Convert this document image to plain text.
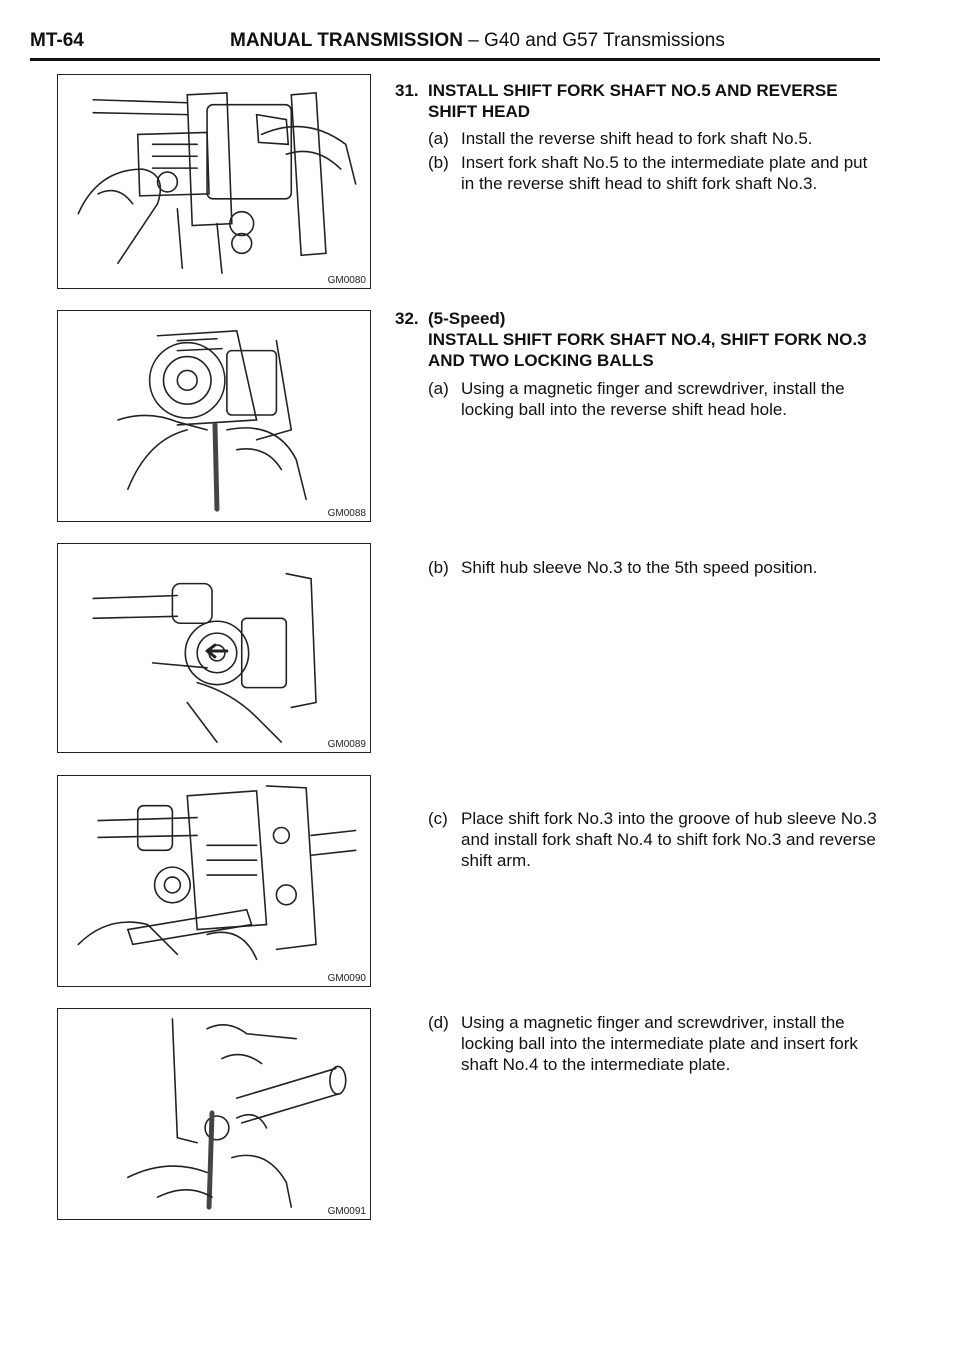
MT-64	MANUAL TRANSMISSION – G40 and G57 Transmissions
GM0080
GM0088
GM0089
GM0090
GM0091
31. INSTALL SHIFT FORK SHAFT NO.5 AND REVERSE SHIFT HEAD
(a) Install the reverse shift head to fork shaft No.5.
(b) Insert fork shaft No.5 to the intermediate plate and put in the reverse shift head to shift fork shaft No.3.
32. (5-Speed)
INSTALL SHIFT FORK SHAFT NO.4, SHIFT FORK NO.3 AND TWO LOCKING BALLS
(a) Using a magnetic finger and screwdriver, install the locking ball into the reverse shift head hole.
(b) Shift hub sleeve No.3 to the 5th speed position.
(c) Place shift fork No.3 into the groove of hub sleeve No.3 and install fork shaft No.4 to shift fork No.3 and reverse shift arm.
(d) Using a magnetic finger and screwdriver, install the locking ball into the intermediate plate and insert fork shaft No.4 to the intermediate plate.
